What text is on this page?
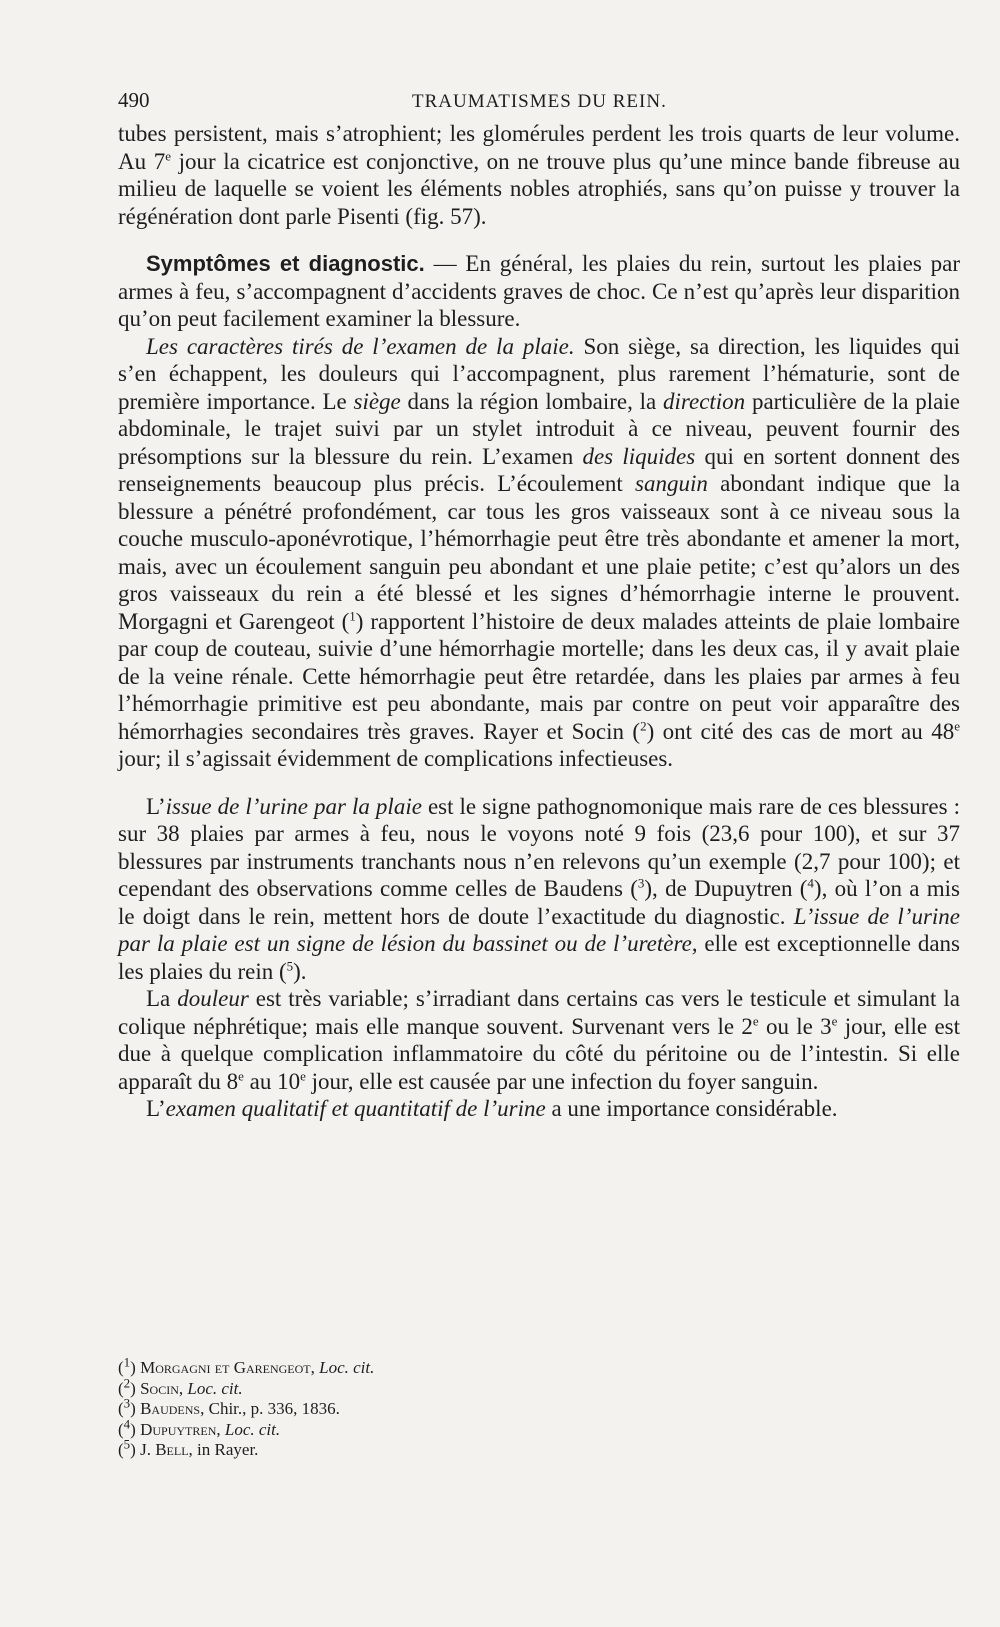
490	TRAUMATISMES DU REIN.

tubes persistent, mais s’atrophient; les glomérules perdent les trois quarts de leur volume. Au 7e jour la cicatrice est conjonctive, on ne trouve plus qu’une mince bande fibreuse au milieu de laquelle se voient les éléments nobles atrophiés, sans qu’on puisse y trouver la régénération dont parle Pisenti (fig. 57).

Symptômes et diagnostic. — En général, les plaies du rein, surtout les plaies par armes à feu, s’accompagnent d’accidents graves de choc. Ce n’est qu’après leur disparition qu’on peut facilement examiner la blessure.

Les caractères tirés de l’examen de la plaie. Son siège, sa direction, les liquides qui s’en échappent, les douleurs qui l’accompagnent, plus rarement l’hématurie, sont de première importance. Le siège dans la région lombaire, la direction particulière de la plaie abdominale, le trajet suivi par un stylet introduit à ce niveau, peuvent fournir des présomptions sur la blessure du rein. L’examen des liquides qui en sortent donnent des renseignements beaucoup plus précis. L’écoulement sanguin abondant indique que la blessure a pénétré profondément, car tous les gros vaisseaux sont à ce niveau sous la couche musculo-aponévrotique, l’hémorrhagie peut être très abondante et amener la mort, mais, avec un écoulement sanguin peu abondant et une plaie petite; c’est qu’alors un des gros vaisseaux du rein a été blessé et les signes d’hémorrhagie interne le prouvent. Morgagni et Garengeot ($^1$) rapportent l’histoire de deux malades atteints de plaie lombaire par coup de couteau, suivie d’une hémorrhagie mortelle; dans les deux cas, il y avait plaie de la veine rénale. Cette hémorrhagie peut être retardée, dans les plaies par armes à feu l’hémorrhagie primitive est peu abondante, mais par contre on peut voir apparaître des hémorrhagies secondaires très graves. Rayer et Socin ($^2$) ont cité des cas de mort au 48e jour; il s’agissait évidemment de complications infectieuses.

L’issue de l’urine par la plaie est le signe pathognomonique mais rare de ces blessures : sur 38 plaies par armes à feu, nous le voyons noté 9 fois (23,6 pour 100), et sur 37 blessures par instruments tranchants nous n’en relevons qu’un exemple (2,7 pour 100); et cependant des observations comme celles de Baudens ($^3$), de Dupuytren ($^4$), où l’on a mis le doigt dans le rein, mettent hors de doute l’exactitude du diagnostic. L’issue de l’urine par la plaie est un signe de lésion du bassinet ou de l’uretère, elle est exceptionnelle dans les plaies du rein ($^5$).

La douleur est très variable; s’irradiant dans certains cas vers le testicule et simulant la colique néphrétique; mais elle manque souvent. Survenant vers le 2e ou le 3e jour, elle est due à quelque complication inflammatoire du côté du péritoine ou de l’intestin. Si elle apparaît du 8e au 10e jour, elle est causée par une infection du foyer sanguin.

L’examen qualitatif et quantitatif de l’urine a une importance considérable.

($^1$) Morgagni et Garengeot, Loc. cit.
($^2$) Socin, Loc. cit.
($^3$) Baudens, Chir., p. 336, 1836.
($^4$) Dupuytren, Loc. cit.
($^5$) J. Bell, in Rayer.
